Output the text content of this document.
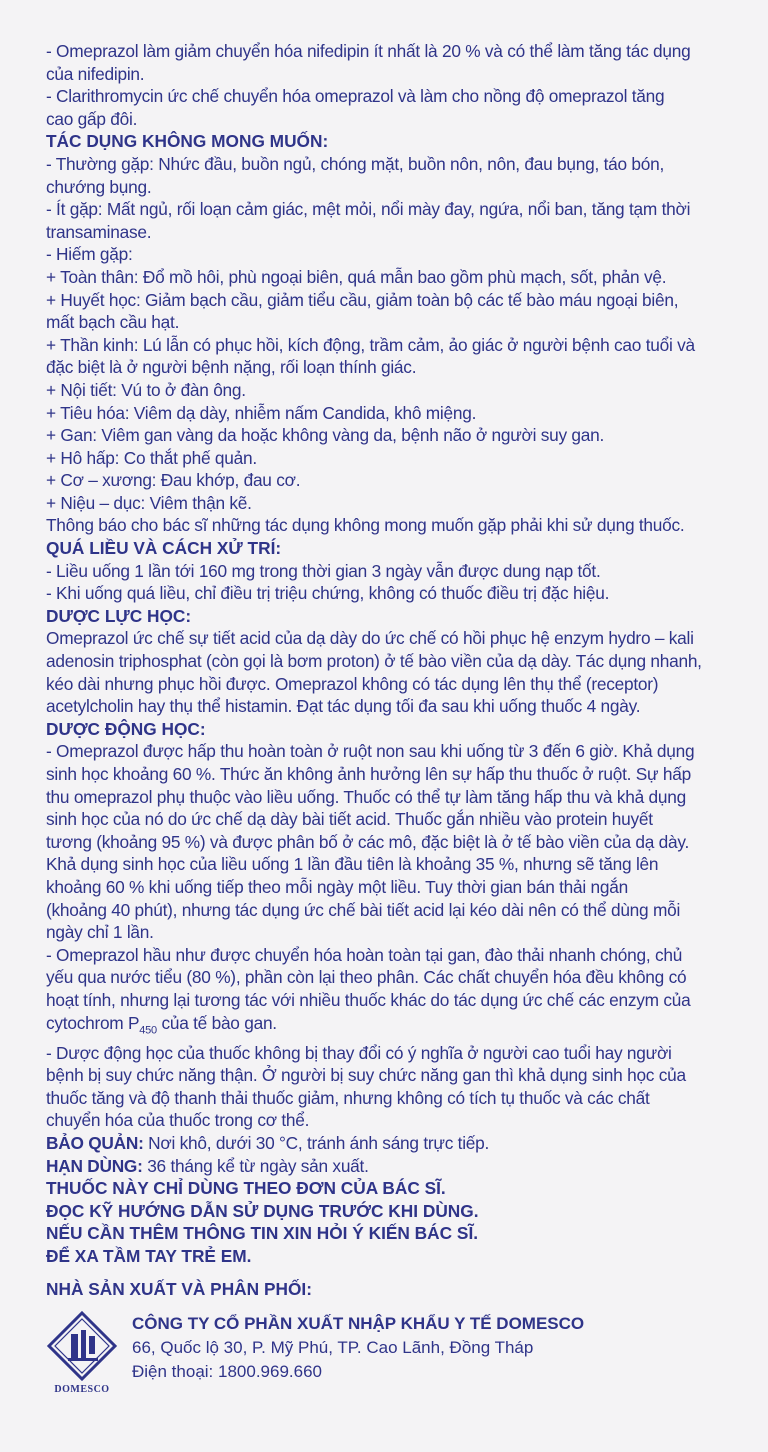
- Omeprazol làm giảm chuyển hóa nifedipin ít nhất là 20 % và có thể làm tăng tác dụng
của nifedipin.
- Clarithromycin ức chế chuyển hóa omeprazol và làm cho nồng độ omeprazol tăng
cao gấp đôi.
TÁC DỤNG KHÔNG MONG MUỐN:
- Thường gặp: Nhức đầu, buồn ngủ, chóng mặt, buồn nôn, nôn, đau bụng, táo bón,
chướng bụng.
- Ít gặp: Mất ngủ, rối loạn cảm giác, mệt mỏi, nổi mày đay, ngứa, nổi ban, tăng tạm thời
transaminase.
- Hiếm gặp:
+ Toàn thân: Đổ mồ hôi, phù ngoại biên, quá mẫn bao gồm phù mạch, sốt, phản vệ.
+ Huyết học: Giảm bạch cầu, giảm tiểu cầu, giảm toàn bộ các tế bào máu ngoại biên,
mất bạch cầu hạt.
+ Thần kinh: Lú lẫn có phục hồi, kích động, trầm cảm, ảo giác ở người bệnh cao tuổi và
đặc biệt là ở người bệnh nặng, rối loạn thính giác.
+ Nội tiết: Vú to ở đàn ông.
+ Tiêu hóa: Viêm dạ dày, nhiễm nấm Candida, khô miệng.
+ Gan: Viêm gan vàng da hoặc không vàng da, bệnh não ở người suy gan.
+ Hô hấp: Co thắt phế quản.
+ Cơ – xương: Đau khớp, đau cơ.
+ Niệu – dục: Viêm thận kẽ.
Thông báo cho bác sĩ những tác dụng không mong muốn gặp phải khi sử dụng thuốc.
QUÁ LIỀU VÀ CÁCH XỬ TRÍ:
- Liều uống 1 lần tới 160 mg trong thời gian 3 ngày vẫn được dung nạp tốt.
- Khi uống quá liều, chỉ điều trị triệu chứng, không có thuốc điều trị đặc hiệu.
DƯỢC LỰC HỌC:
Omeprazol ức chế sự tiết acid của dạ dày do ức chế có hồi phục hệ enzym hydro – kali
adenosin triphosphat (còn gọi là bơm proton) ở tế bào viền của dạ dày. Tác dụng nhanh,
kéo dài nhưng phục hồi được. Omeprazol không có tác dụng lên thụ thể (receptor)
acetylcholin hay thụ thể histamin. Đạt tác dụng tối đa sau khi uống thuốc 4 ngày.
DƯỢC ĐỘNG HỌC:
- Omeprazol được hấp thu hoàn toàn ở ruột non sau khi uống từ 3 đến 6 giờ. Khả dụng
sinh học khoảng 60 %. Thức ăn không ảnh hưởng lên sự hấp thu thuốc ở ruột. Sự hấp
thu omeprazol phụ thuộc vào liều uống. Thuốc có thể tự làm tăng hấp thu và khả dụng
sinh học của nó do ức chế dạ dày bài tiết acid. Thuốc gắn nhiều vào protein huyết
tương (khoảng 95 %) và được phân bố ở các mô, đặc biệt là ở tế bào viền của dạ dày.
Khả dụng sinh học của liều uống 1 lần đầu tiên là khoảng 35 %, nhưng sẽ tăng lên
khoảng 60 % khi uống tiếp theo mỗi ngày một liều. Tuy thời gian bán thải ngắn
(khoảng 40 phút), nhưng tác dụng ức chế bài tiết acid lại kéo dài nên có thể dùng mỗi
ngày chỉ 1 lần.
- Omeprazol hầu như được chuyển hóa hoàn toàn tại gan, đào thải nhanh chóng, chủ
yếu qua nước tiểu (80 %), phần còn lại theo phân. Các chất chuyển hóa đều không có
hoạt tính, nhưng lại tương tác với nhiều thuốc khác do tác dụng ức chế các enzym của
cytochrom $P_{450}$ của tế bào gan.
- Dược động học của thuốc không bị thay đổi có ý nghĩa ở người cao tuổi hay người
bệnh bị suy chức năng thận. Ở người bị suy chức năng gan thì khả dụng sinh học của
thuốc tăng và độ thanh thải thuốc giảm, nhưng không có tích tụ thuốc và các chất
chuyển hóa của thuốc trong cơ thể.
BẢO QUẢN: Nơi khô, dưới 30 °C, tránh ánh sáng trực tiếp.
HẠN DÙNG: 36 tháng kể từ ngày sản xuất.
THUỐC NÀY CHỈ DÙNG THEO ĐƠN CỦA BÁC SĨ.
ĐỌC KỸ HƯỚNG DẪN SỬ DỤNG TRƯỚC KHI DÙNG.
NẾU CẦN THÊM THÔNG TIN XIN HỎI Ý KIẾN BÁC SĨ.
ĐỂ XA TẦM TAY TRẺ EM.
NHÀ SẢN XUẤT VÀ PHÂN PHỐI:
DOMESCO
CÔNG TY CỔ PHẦN XUẤT NHẬP KHẨU Y TẾ DOMESCO
66, Quốc lộ 30, P. Mỹ Phú, TP. Cao Lãnh, Đồng Tháp
Điện thoại: 1800.969.660
